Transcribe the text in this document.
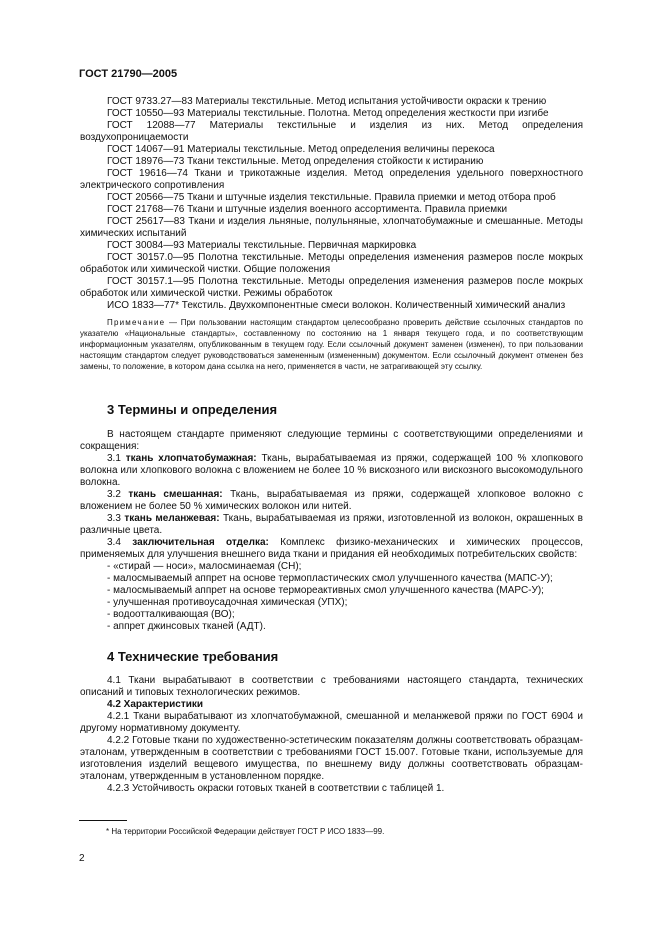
ГОСТ 21790—2005

ГОСТ 9733.27—83 Материалы текстильные. Метод испытания устойчивости окраски к трению

ГОСТ 10550—93 Материалы текстильные. Полотна. Метод определения жесткости при изгибе

ГОСТ 12088—77 Материалы текстильные и изделия из них. Метод определения воздухопроницаемости

ГОСТ 14067—91 Материалы текстильные. Метод определения величины перекоса

ГОСТ 18976—73 Ткани текстильные. Метод определения стойкости к истиранию

ГОСТ 19616—74 Ткани и трикотажные изделия. Метод определения удельного поверхностного электрического сопротивления

ГОСТ 20566—75 Ткани и штучные изделия текстильные. Правила приемки и метод отбора проб

ГОСТ 21768—76 Ткани и штучные изделия военного ассортимента. Правила приемки

ГОСТ 25617—83 Ткани и изделия льняные, полульняные, хлопчатобумажные и смешанные. Методы химических испытаний

ГОСТ 30084—93 Материалы текстильные. Первичная маркировка

ГОСТ 30157.0—95 Полотна текстильные. Методы определения изменения размеров после мокрых обработок или химической чистки. Общие положения

ГОСТ 30157.1—95 Полотна текстильные. Методы определения изменения размеров после мокрых обработок или химической чистки. Режимы обработок

ИСО 1833—77* Текстиль. Двухкомпонентные смеси волокон. Количественный химический анализ

Примечание — При пользовании настоящим стандартом целесообразно проверить действие ссылочных стандартов по указателю «Национальные стандарты», составленному по состоянию на 1 января текущего года, и по соответствующим информационным указателям, опубликованным в текущем году. Если ссылочный документ заменен (изменен), то при пользовании настоящим стандартом следует руководствоваться замененным (измененным) документом. Если ссылочный документ отменен без замены, то положение, в котором дана ссылка на него, применяется в части, не затрагивающей эту ссылку.

3 Термины и определения

В настоящем стандарте применяют следующие термины с соответствующими определениями и сокращения:

3.1 ткань хлопчатобумажная: Ткань, вырабатываемая из пряжи, содержащей 100 % хлопкового волокна или хлопкового волокна с вложением не более 10 % вискозного или вискозного высокомодульного волокна.

3.2 ткань смешанная: Ткань, вырабатываемая из пряжи, содержащей хлопковое волокно с вложением не более 50 % химических волокон или нитей.

3.3 ткань меланжевая: Ткань, вырабатываемая из пряжи, изготовленной из волокон, окрашенных в различные цвета.

3.4 заключительная отделка: Комплекс физико-механических и химических процессов, применяемых для улучшения внешнего вида ткани и придания ей необходимых потребительских свойств:

- «стирай — носи», малосминаемая (СН);

- малосмываемый аппрет на основе термопластических смол улучшенного качества (МАПС-У);

- малосмываемый аппрет на основе термореактивных смол улучшенного качества (МАРС-У);

- улучшенная противоусадочная химическая (УПХ);

- водоотталкивающая (ВО);

- аппрет джинсовых тканей (АДТ).

4 Технические требования

4.1 Ткани вырабатывают в соответствии с требованиями настоящего стандарта, технических описаний и типовых технологических режимов.

4.2 Характеристики

4.2.1 Ткани вырабатывают из хлопчатобумажной, смешанной и меланжевой пряжи по ГОСТ 6904 и другому нормативному документу.

4.2.2 Готовые ткани по художественно-эстетическим показателям должны соответствовать образцам-эталонам, утвержденным в соответствии с требованиями ГОСТ 15.007. Готовые ткани, используемые для изготовления изделий вещевого имущества, по внешнему виду должны соответствовать образцам-эталонам, утвержденным в установленном порядке.

4.2.3 Устойчивость окраски готовых тканей в соответствии с таблицей 1.

* На территории Российской Федерации действует ГОСТ Р ИСО 1833—99.
2
